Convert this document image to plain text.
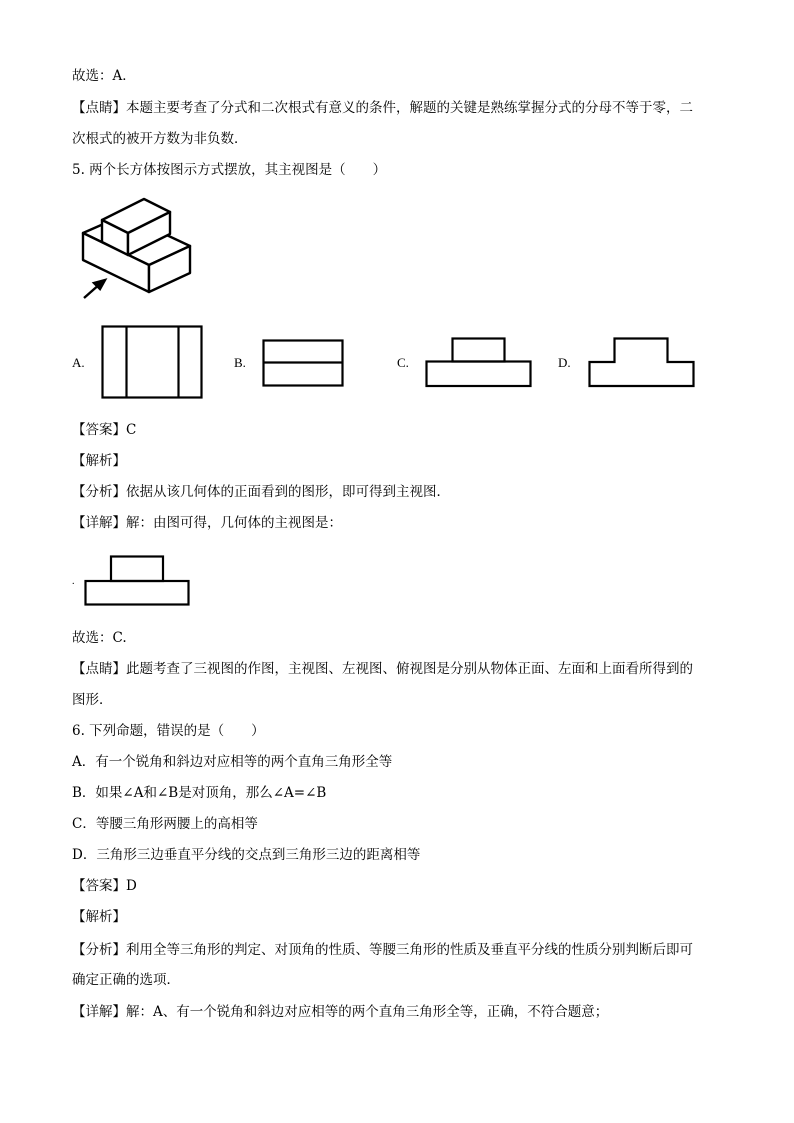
故选：A．
【点睛】本题主要考查了分式和二次根式有意义的条件，解题的关键是熟练掌握分式的分母不等于零，二
次根式的被开方数为非负数．
5. 两个长方体按图示方式摆放，其主视图是（　　）
A.	B.	C.	D.
【答案】C
【解析】
【分析】依据从该几何体的正面看到的图形，即可得到主视图．
【详解】解：由图可得，几何体的主视图是：
.
故选：C.
【点睛】此题考查了三视图的作图，主视图、左视图、俯视图是分别从物体正面、左面和上面看所得到的
图形．
6. 下列命题，错误的是（　　）
A．有一个锐角和斜边对应相等的两个直角三角形全等
B．如果∠A和∠B是对顶角，那么∠A=∠B
C．等腰三角形两腰上的高相等
D．三角形三边垂直平分线的交点到三角形三边的距离相等
【答案】D
【解析】
【分析】利用全等三角形的判定、对顶角的性质、等腰三角形的性质及垂直平分线的性质分别判断后即可
确定正确的选项．
【详解】解：A、有一个锐角和斜边对应相等的两个直角三角形全等，正确，不符合题意；
